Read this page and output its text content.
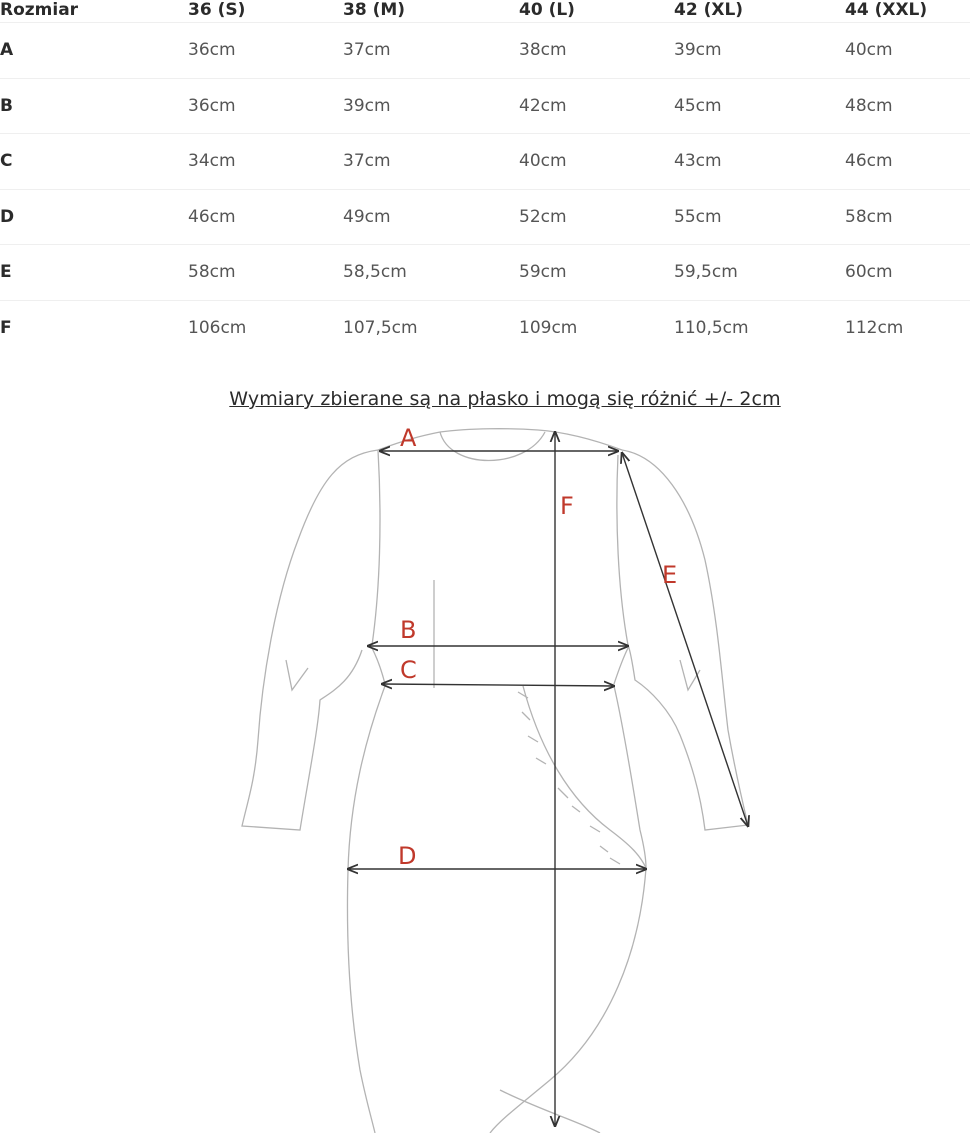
Rozmiar	36 (S)	38 (M)	40 (L)	42 (XL)	44 (XXL)
A	36cm	37cm	38cm	39cm	40cm
B	36cm	39cm	42cm	45cm	48cm
C	34cm	37cm	40cm	43cm	46cm
D	46cm	49cm	52cm	55cm	58cm
E	58cm	58,5cm	59cm	59,5cm	60cm
F	106cm	107,5cm	109cm	110,5cm	112cm
Wymiary zbierane są na płasko i mogą się różnić +/- 2cm
A
F
E
B
C
D
